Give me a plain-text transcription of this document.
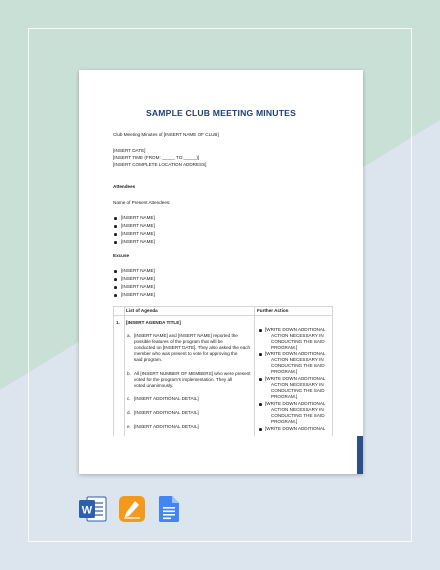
SAMPLE CLUB MEETING MINUTES
Club Meeting Minutes of [INSERT NAME OF CLUB]
[INSERT DATE]
[INSERT TIME (FROM: _____ TO:_____)]
[INSERT COMPLETE LOCATION ADDRESS]
Attendees
Name of Present Attendees:
[INSERT NAME]
[INSERT NAME]
[INSERT NAME]
[INSERT NAME]
Excuse
[INSERT NAME]
[INSERT NAME]
[INSERT NAME]
[INSERT NAME]
List of Agenda	Further Action
1. [INSERT AGENDA TITLE]
a. [INSERT NAME] and [INSERT NAME] reported the
possible features of the program that will be
conducted on [INSERT DATE]. They also asked the each
member who was present to vote for approving the
said program.
b. All [INSERT NUMBER OF MEMBERS] who were present
voted for the program's implementation. They all
voted unanimously.
c. [INSERT ADDITIONAL DETAIL]
d. [INSERT ADDITIONAL DETAIL]
e. [INSERT ADDITIONAL DETAIL]
[WRITE DOWN ADDITIONAL
ACTION NECESSARY IN
CONDUCTING THE SAID
PROGRAM.]
[WRITE DOWN ADDITIONAL
ACTION NECESSARY IN
CONDUCTING THE SAID
PROGRAM.]
[WRITE DOWN ADDITIONAL
ACTION NECESSARY IN
CONDUCTING THE SAID
PROGRAM.]
[WRITE DOWN ADDITIONAL
ACTION NECESSARY IN
CONDUCTING THE SAID
PROGRAM.]
[WRITE DOWN ADDITIONAL
W
